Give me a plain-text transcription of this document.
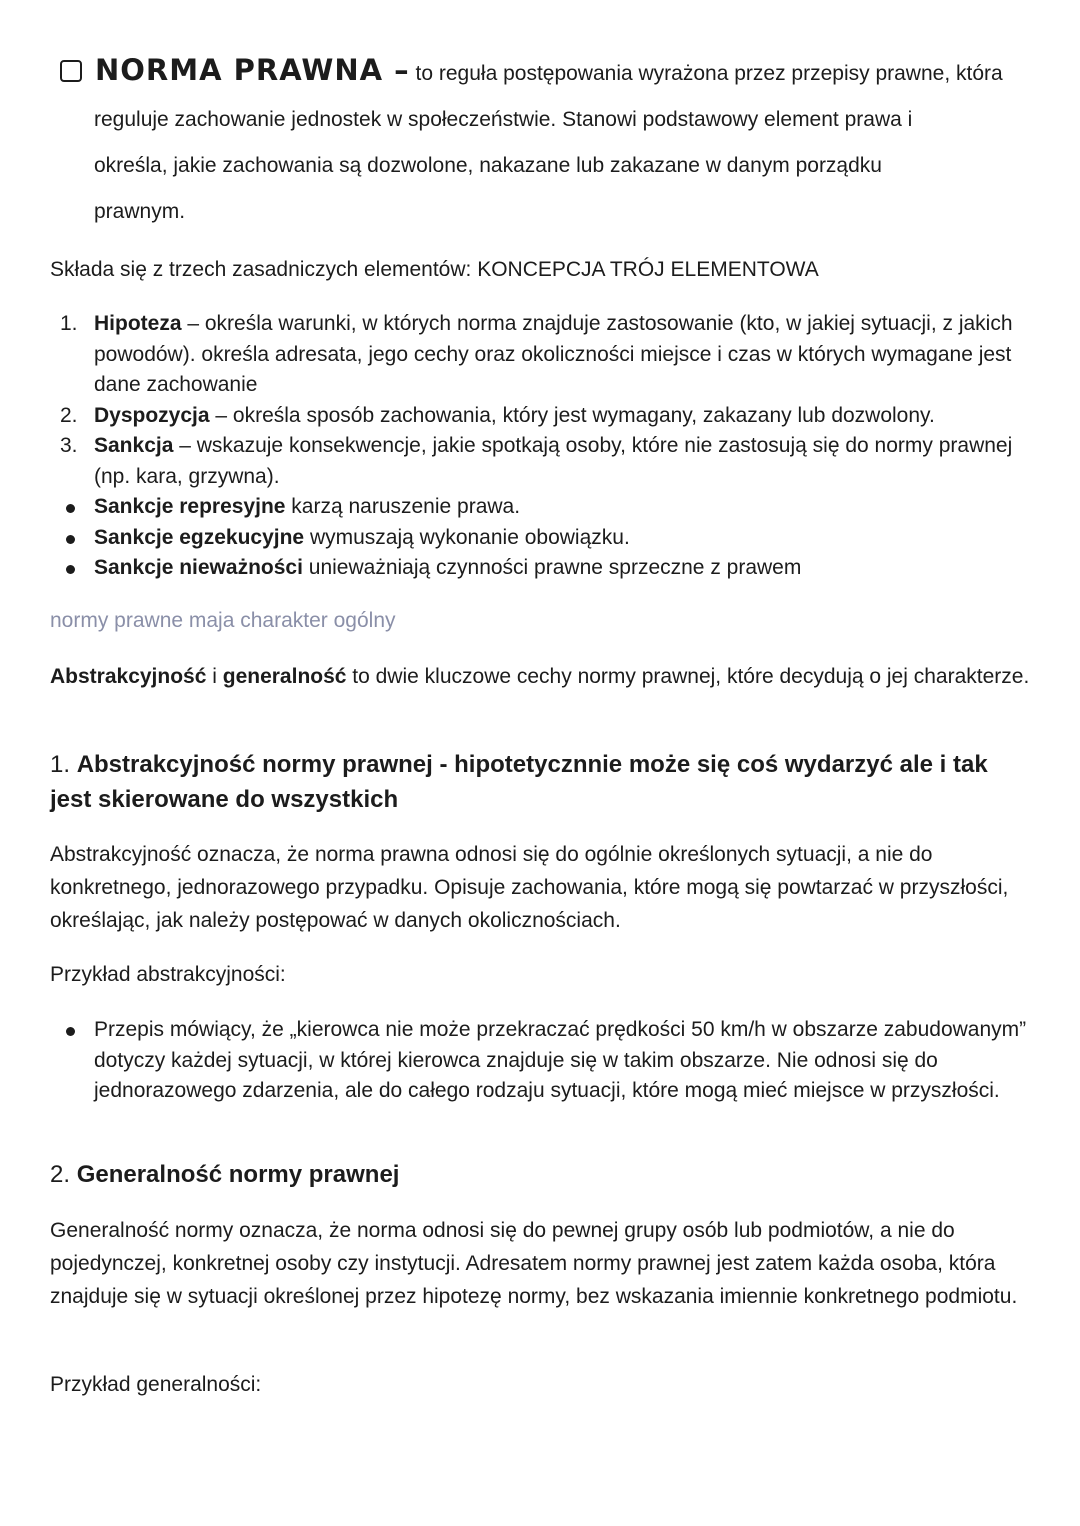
NORMA PRAWNA – to reguła postępowania wyrażona przez przepisy prawne, która
reguluje zachowanie jednostek w społeczeństwie. Stanowi podstawowy element prawa i
określa, jakie zachowania są dozwolone, nakazane lub zakazane w danym porządku
prawnym.
Składa się z trzech zasadniczych elementów: KONCEPCJA TRÓJ ELEMENTOWA
1. Hipoteza – określa warunki, w których norma znajduje zastosowanie (kto, w jakiej sytuacji, z jakich powodów). określa adresata, jego cechy oraz okoliczności miejsce i czas w których wymagane jest dane zachowanie
2. Dyspozycja – określa sposób zachowania, który jest wymagany, zakazany lub dozwolony.
3. Sankcja – wskazuje konsekwencje, jakie spotkają osoby, które nie zastosują się do normy prawnej (np. kara, grzywna).
Sankcje represyjne karzą naruszenie prawa.
Sankcje egzekucyjne wymuszają wykonanie obowiązku.
Sankcje nieważności unieważniają czynności prawne sprzeczne z prawem
normy prawne maja charakter ogólny
Abstrakcyjność i generalność to dwie kluczowe cechy normy prawnej, które decydują o jej charakterze.
1. Abstrakcyjność normy prawnej - hipotetycznnie może się coś wydarzyć ale i tak jest skierowane do wszystkich
Abstrakcyjność oznacza, że norma prawna odnosi się do ogólnie określonych sytuacji, a nie do konkretnego, jednorazowego przypadku. Opisuje zachowania, które mogą się powtarzać w przyszłości, określając, jak należy postępować w danych okolicznościach.
Przykład abstrakcyjności:
Przepis mówiący, że „kierowca nie może przekraczać prędkości 50 km/h w obszarze zabudowanym” dotyczy każdej sytuacji, w której kierowca znajduje się w takim obszarze. Nie odnosi się do jednorazowego zdarzenia, ale do całego rodzaju sytuacji, które mogą mieć miejsce w przyszłości.
2. Generalność normy prawnej
Generalność normy oznacza, że norma odnosi się do pewnej grupy osób lub podmiotów, a nie do pojedynczej, konkretnej osoby czy instytucji. Adresatem normy prawnej jest zatem każda osoba, która znajduje się w sytuacji określonej przez hipotezę normy, bez wskazania imiennie konkretnego podmiotu.
Przykład generalności:
